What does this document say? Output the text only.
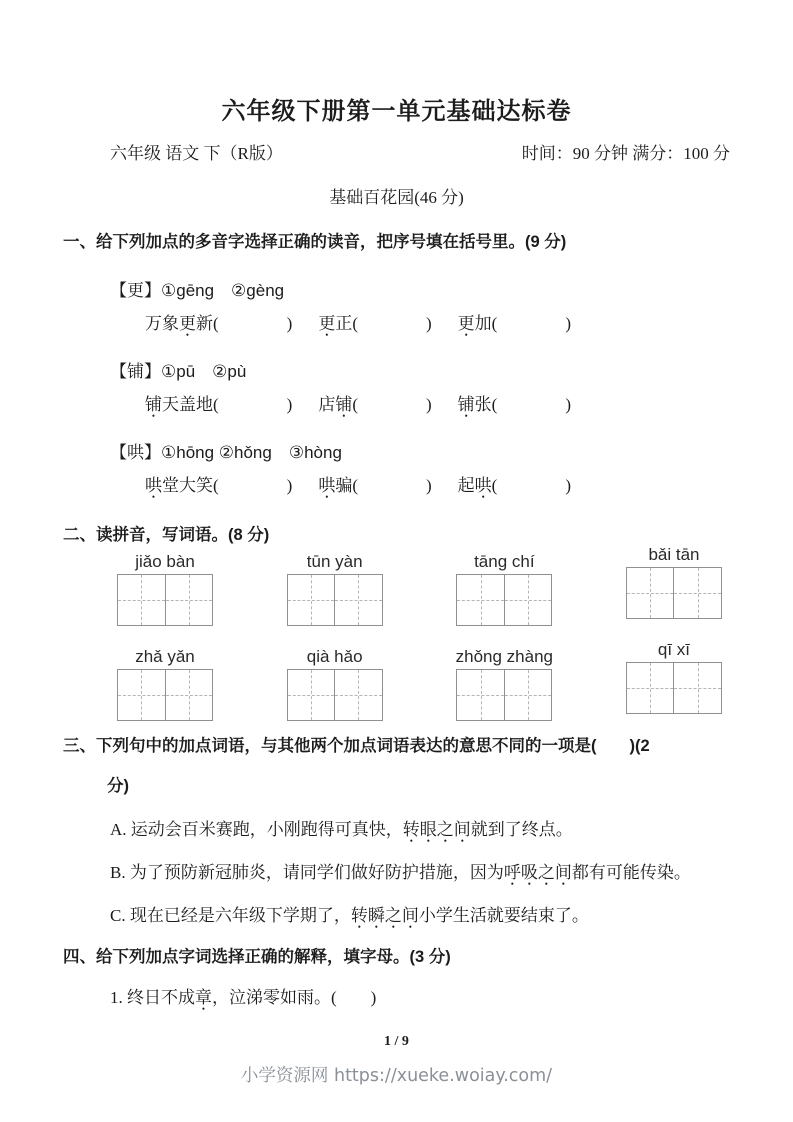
六年级下册第一单元基础达标卷
六年级 语文 下（R版）	时间：90 分钟 满分：100 分
基础百花园(46 分)
一、给下列加点的多音字选择正确的读音，把序号填在括号里。(9 分)
【更】①gēng　②gèng
万象更新(　　　　) 更正(　　　　) 更加(　　　　)
【铺】①pū　②pù
铺天盖地(　　　　) 店铺(　　　　) 铺张(　　　　)
【哄】①hōng ②hǒng　③hòng
哄堂大笑(　　　　) 哄骗(　　　　) 起哄(　　　　)
二、读拼音，写词语。(8 分)
jiǎo bàn	tūn yàn	tāng chí	bǎi tān
zhǎ yǎn	qià hǎo	zhǒng zhàng	qī xī
三、下列句中的加点词语，与其他两个加点词语表达的意思不同的一项是(　　)(2
分)
A. 运动会百米赛跑，小刚跑得可真快，转眼之间就到了终点。
B. 为了预防新冠肺炎，请同学们做好防护措施，因为呼吸之间都有可能传染。
C. 现在已经是六年级下学期了，转瞬之间小学生活就要结束了。
四、给下列加点字词选择正确的解释，填字母。(3 分)
1. 终日不成章，泣涕零如雨。(　　)
1 / 9
小学资源网 https://xueke.woiay.com/
